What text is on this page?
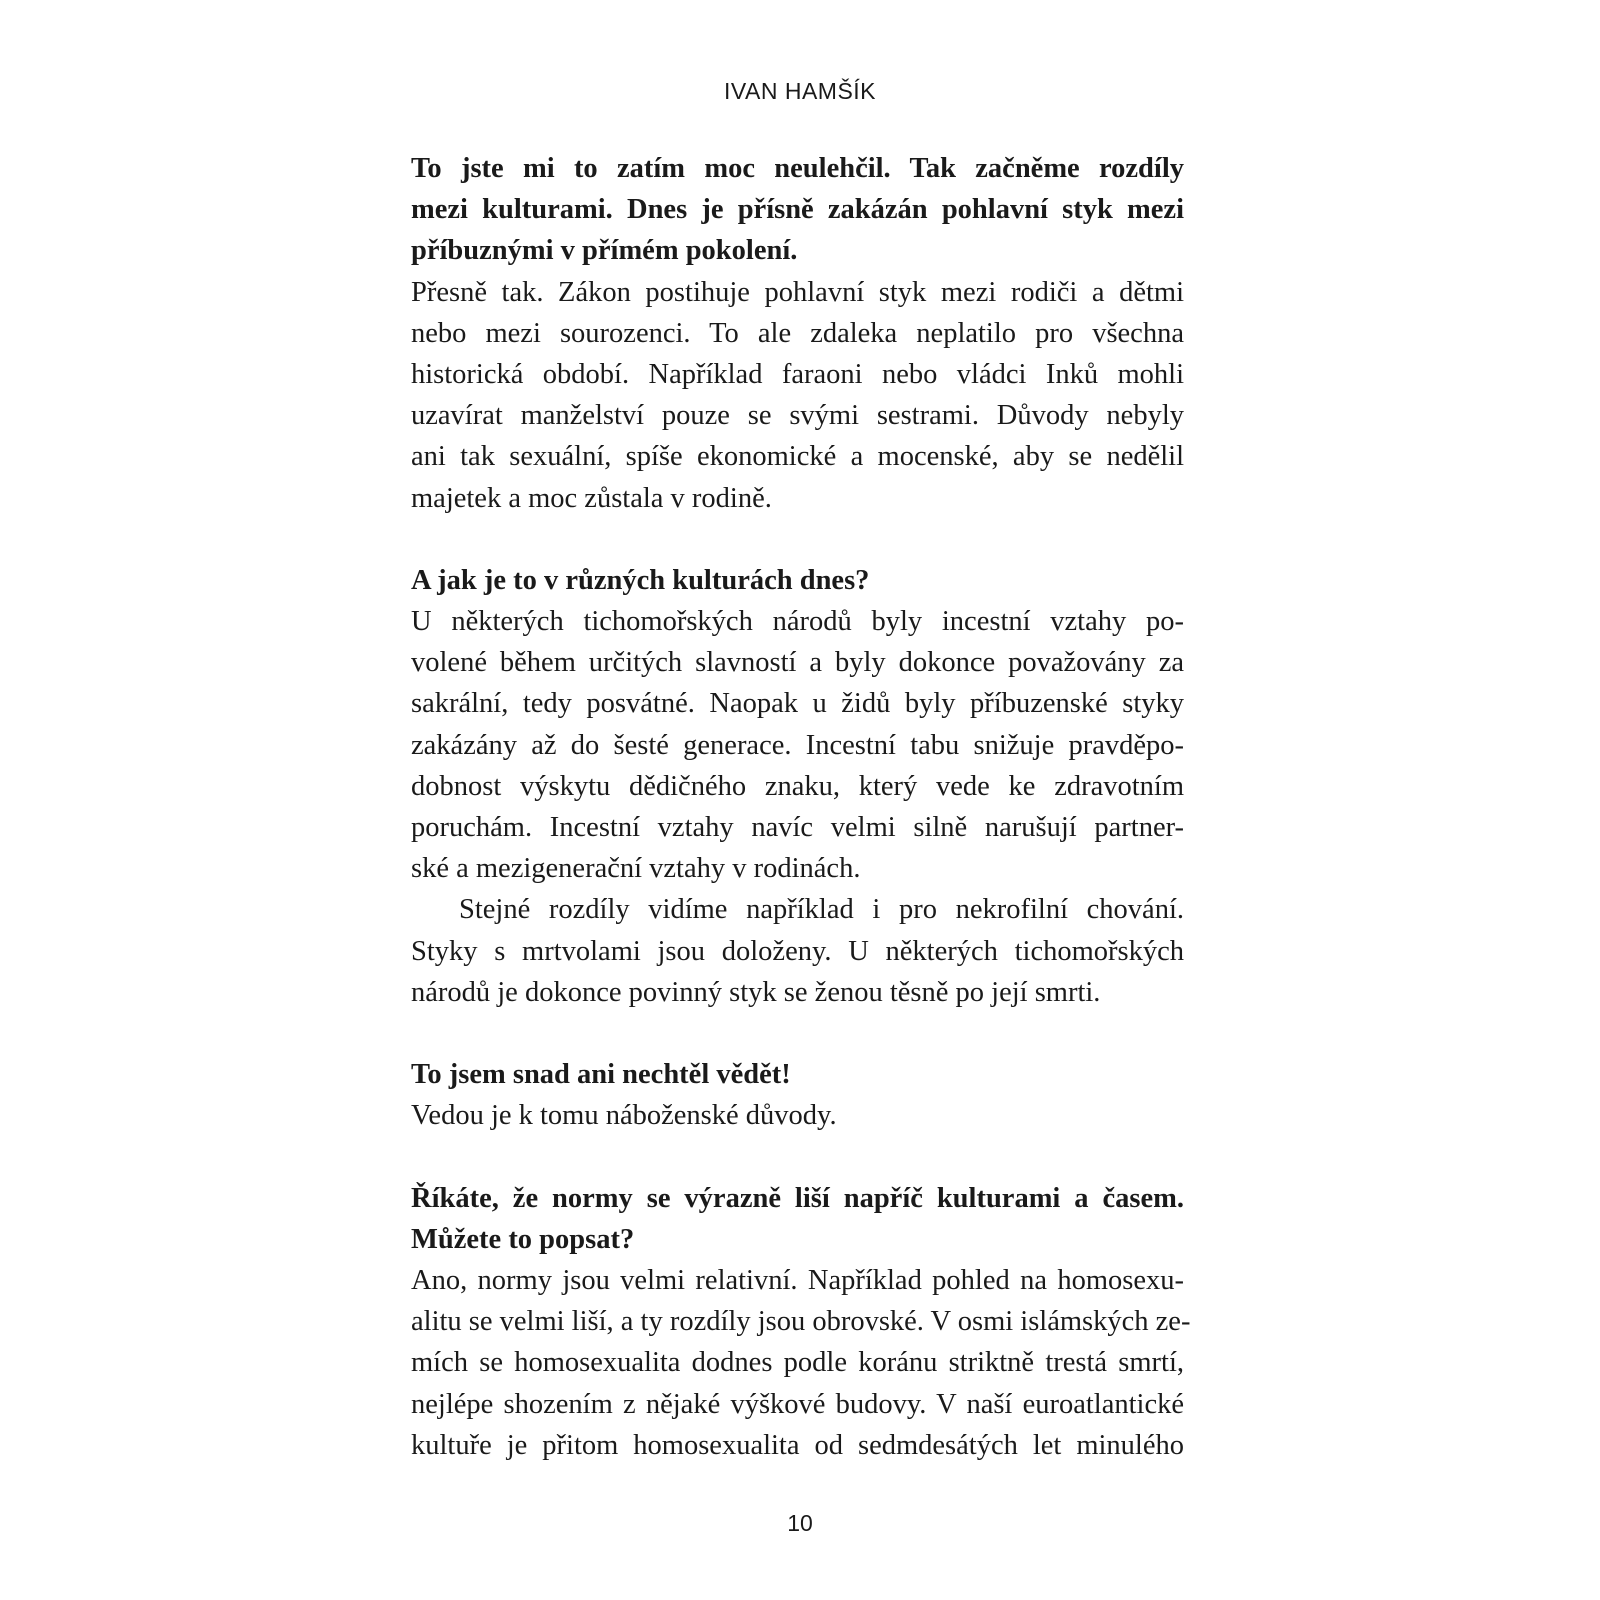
IVAN HAMŠÍK
To jste mi to zatím moc neulehčil. Tak začněme rozdíly
mezi kulturami. Dnes je přísně zakázán pohlavní styk mezi
příbuznými v přímém pokolení.
Přesně tak. Zákon postihuje pohlavní styk mezi rodiči a dětmi
nebo mezi sourozenci. To ale zdaleka neplatilo pro všechna
historická období. Například faraoni nebo vládci Inků mohli
uzavírat manželství pouze se svými sestrami. Důvody nebyly
ani tak sexuální, spíše ekonomické a mocenské, aby se nedělil
majetek a moc zůstala v rodině.
A jak je to v různých kulturách dnes?
U některých tichomořských národů byly incestní vztahy po-
volené během určitých slavností a byly dokonce považovány za
sakrální, tedy posvátné. Naopak u židů byly příbuzenské styky
zakázány až do šesté generace. Incestní tabu snižuje pravděpo-
dobnost výskytu dědičného znaku, který vede ke zdravotním
poruchám. Incestní vztahy navíc velmi silně narušují partner-
ské a mezigenerační vztahy v rodinách.
Stejné rozdíly vidíme například i pro nekrofilní chování.
Styky s mrtvolami jsou doloženy. U některých tichomořských
národů je dokonce povinný styk se ženou těsně po její smrti.
To jsem snad ani nechtěl vědět!
Vedou je k tomu náboženské důvody.
Říkáte, že normy se výrazně liší napříč kulturami a časem.
Můžete to popsat?
Ano, normy jsou velmi relativní. Například pohled na homosexu-
alitu se velmi liší, a ty rozdíly jsou obrovské. V osmi islámských ze-
mích se homosexualita dodnes podle koránu striktně trestá smrtí,
nejlépe shozením z nějaké výškové budovy. V naší euroatlantické
kultuře je přitom homosexualita od sedmdesátých let minulého
10
